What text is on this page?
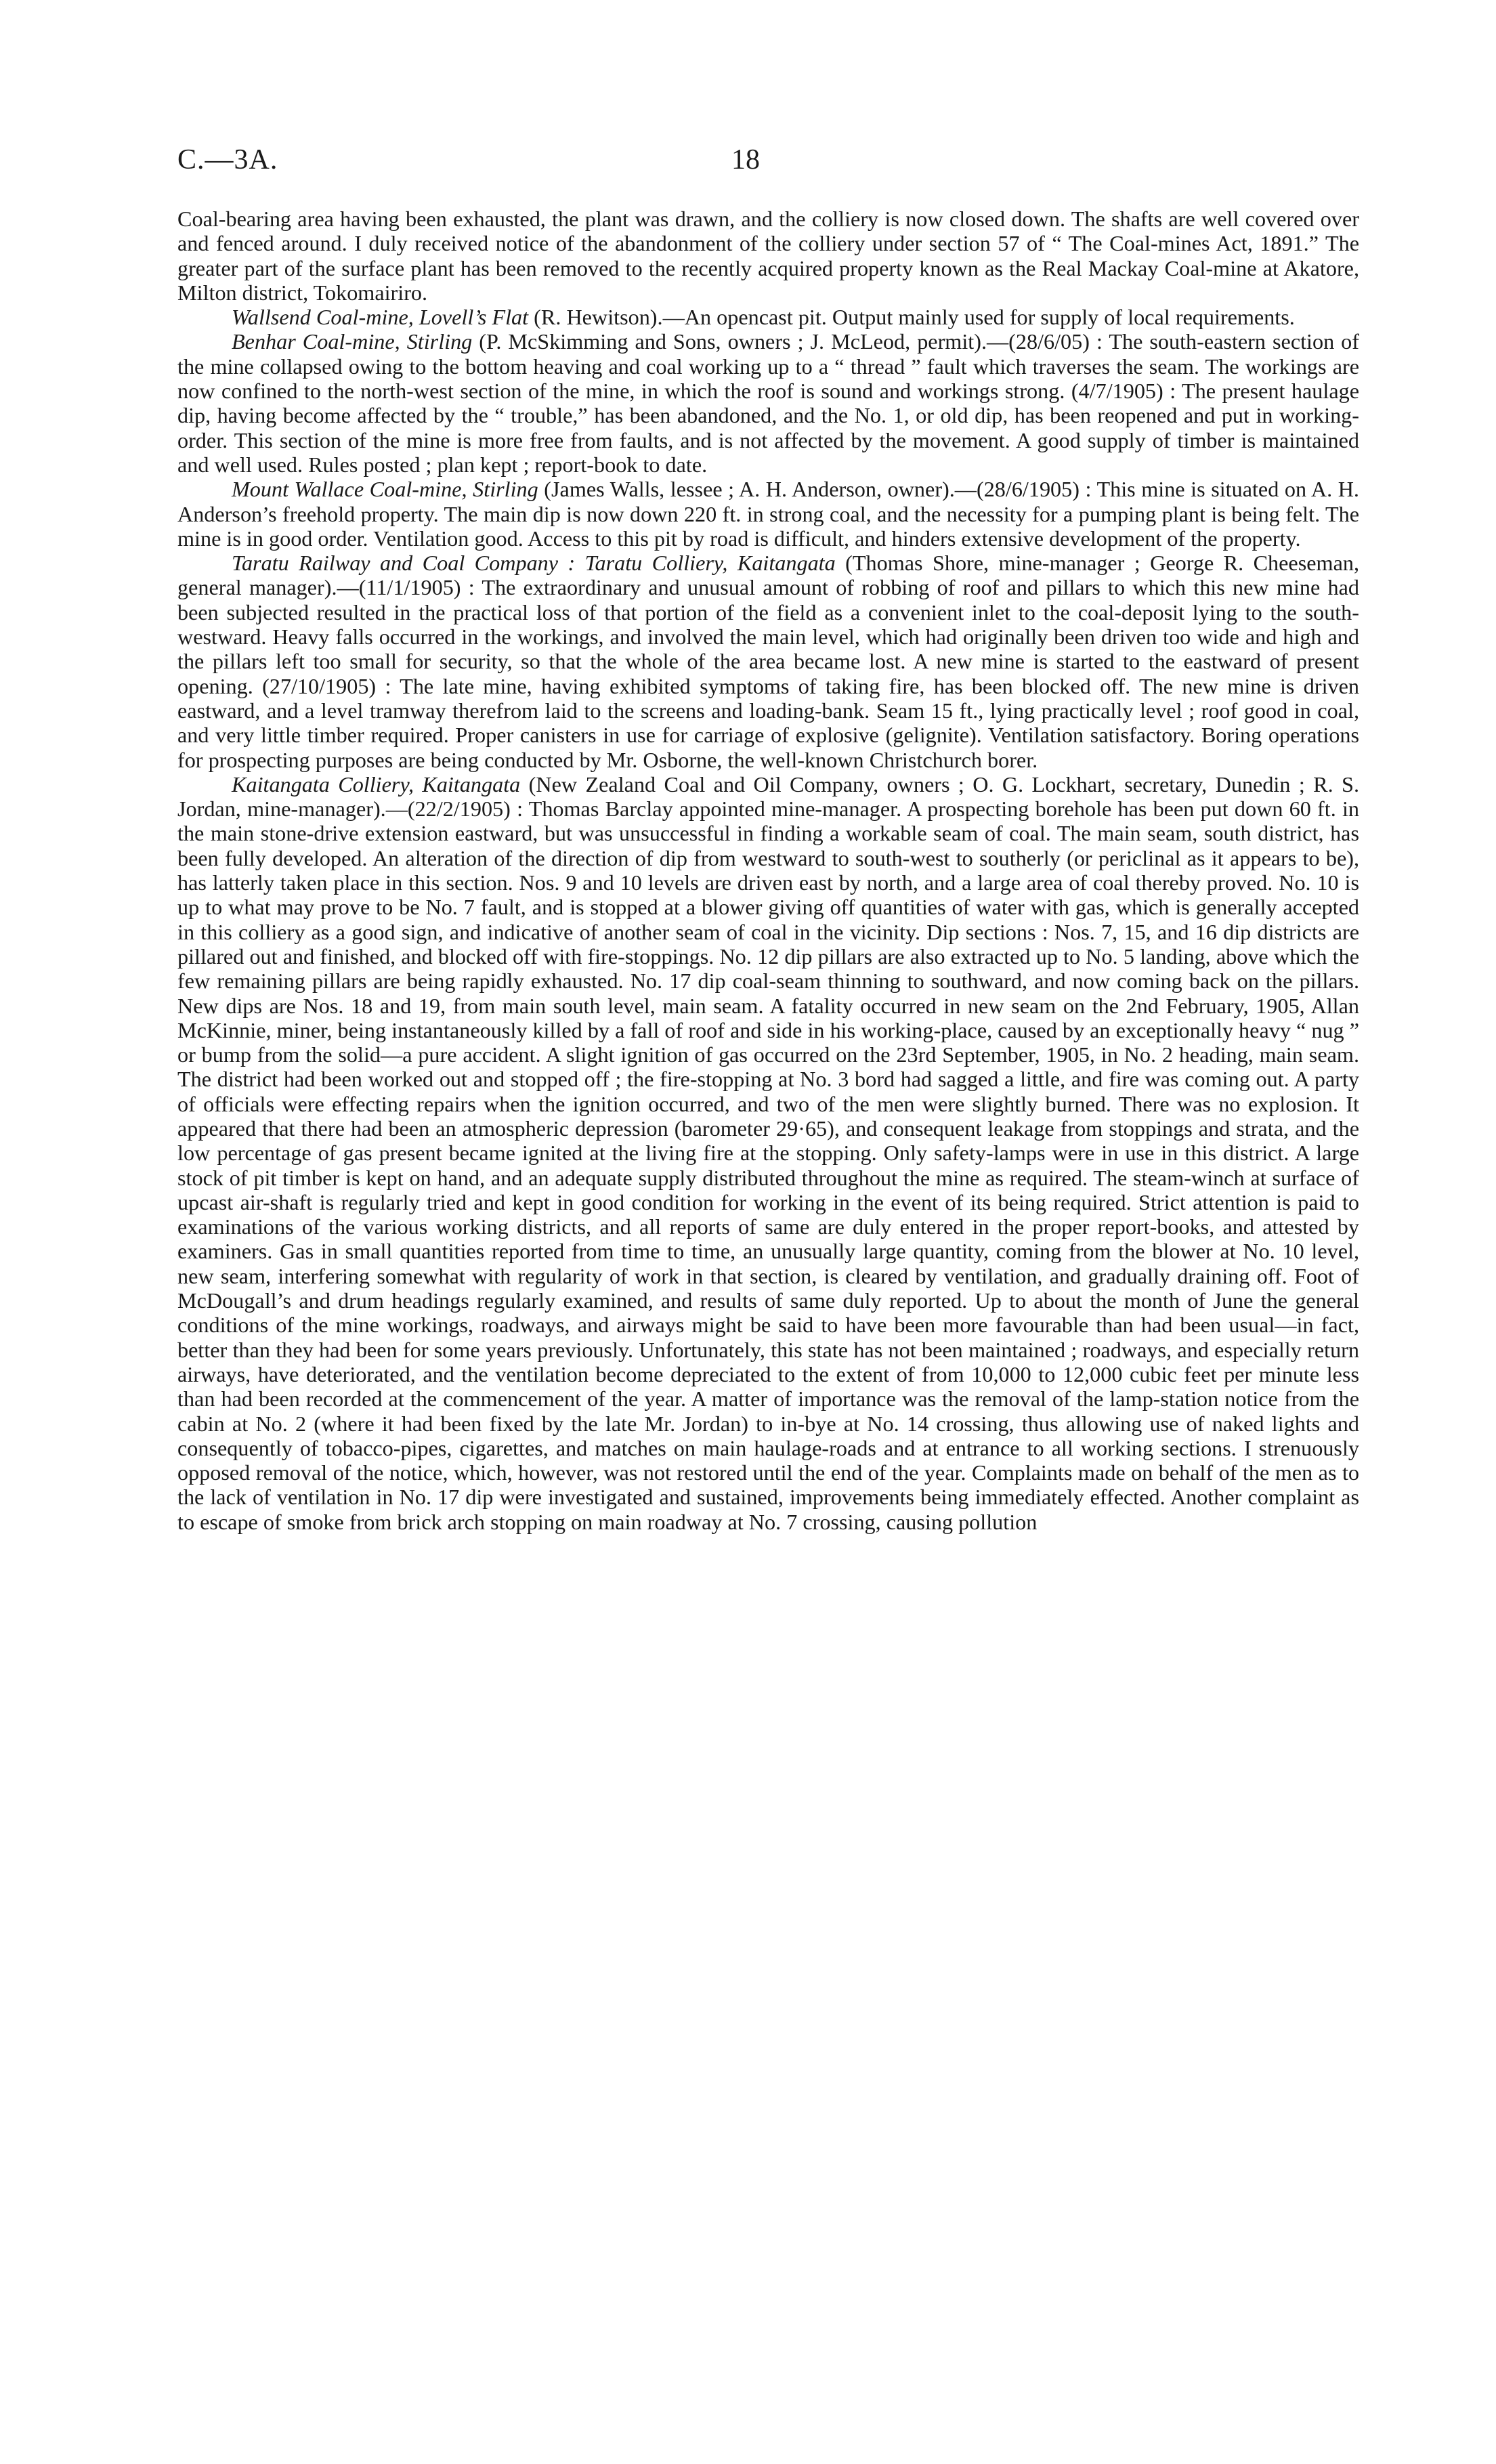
C.—3A.	18

Coal-bearing area having been exhausted, the plant was drawn, and the colliery is now closed down. The shafts are well covered over and fenced around. I duly received notice of the abandonment of the colliery under section 57 of “ The Coal-mines Act, 1891.” The greater part of the surface plant has been removed to the recently acquired property known as the Real Mackay Coal-mine at Akatore, Milton district, Tokomairiro.

Wallsend Coal-mine, Lovell’s Flat (R. Hewitson).—An opencast pit. Output mainly used for supply of local requirements.

Benhar Coal-mine, Stirling (P. McSkimming and Sons, owners ; J. McLeod, permit).—(28/6/05) : The south-eastern section of the mine collapsed owing to the bottom heaving and coal working up to a “ thread ” fault which traverses the seam. The workings are now confined to the north-west section of the mine, in which the roof is sound and workings strong. (4/7/1905) : The present haulage dip, having become affected by the “ trouble,” has been abandoned, and the No. 1, or old dip, has been reopened and put in working-order. This section of the mine is more free from faults, and is not affected by the movement. A good supply of timber is maintained and well used. Rules posted ; plan kept ; report-book to date.

Mount Wallace Coal-mine, Stirling (James Walls, lessee ; A. H. Anderson, owner).—(28/6/1905) : This mine is situated on A. H. Anderson’s freehold property. The main dip is now down 220 ft. in strong coal, and the necessity for a pumping plant is being felt. The mine is in good order. Ventilation good. Access to this pit by road is difficult, and hinders extensive development of the property.

Taratu Railway and Coal Company : Taratu Colliery, Kaitangata (Thomas Shore, mine-manager ; George R. Cheeseman, general manager).—(11/1/1905) : The extraordinary and unusual amount of robbing of roof and pillars to which this new mine had been subjected resulted in the practical loss of that portion of the field as a convenient inlet to the coal-deposit lying to the south-westward. Heavy falls occurred in the workings, and involved the main level, which had originally been driven too wide and high and the pillars left too small for security, so that the whole of the area became lost. A new mine is started to the eastward of present opening. (27/10/1905) : The late mine, having exhibited symptoms of taking fire, has been blocked off. The new mine is driven eastward, and a level tramway therefrom laid to the screens and loading-bank. Seam 15 ft., lying practically level ; roof good in coal, and very little timber required. Proper canisters in use for carriage of explosive (gelignite). Ventilation satisfactory. Boring operations for prospecting purposes are being conducted by Mr. Osborne, the well-known Christchurch borer.

Kaitangata Colliery, Kaitangata (New Zealand Coal and Oil Company, owners ; O. G. Lockhart, secretary, Dunedin ; R. S. Jordan, mine-manager).—(22/2/1905) : Thomas Barclay appointed mine-manager. A prospecting borehole has been put down 60 ft. in the main stone-drive extension eastward, but was unsuccessful in finding a workable seam of coal. The main seam, south district, has been fully developed. An alteration of the direction of dip from westward to south-west to southerly (or periclinal as it appears to be), has latterly taken place in this section. Nos. 9 and 10 levels are driven east by north, and a large area of coal thereby proved. No. 10 is up to what may prove to be No. 7 fault, and is stopped at a blower giving off quantities of water with gas, which is generally accepted in this colliery as a good sign, and indicative of another seam of coal in the vicinity. Dip sections : Nos. 7, 15, and 16 dip districts are pillared out and finished, and blocked off with fire-stoppings. No. 12 dip pillars are also extracted up to No. 5 landing, above which the few remaining pillars are being rapidly exhausted. No. 17 dip coal-seam thinning to southward, and now coming back on the pillars. New dips are Nos. 18 and 19, from main south level, main seam. A fatality occurred in new seam on the 2nd February, 1905, Allan McKinnie, miner, being instantaneously killed by a fall of roof and side in his working-place, caused by an exceptionally heavy “ nug ” or bump from the solid—a pure accident. A slight ignition of gas occurred on the 23rd September, 1905, in No. 2 heading, main seam. The district had been worked out and stopped off ; the fire-stopping at No. 3 bord had sagged a little, and fire was coming out. A party of officials were effecting repairs when the ignition occurred, and two of the men were slightly burned. There was no explosion. It appeared that there had been an atmospheric depression (barometer 29·65), and consequent leakage from stoppings and strata, and the low percentage of gas present became ignited at the living fire at the stopping. Only safety-lamps were in use in this district. A large stock of pit timber is kept on hand, and an adequate supply distributed throughout the mine as required. The steam-winch at surface of upcast air-shaft is regularly tried and kept in good condition for working in the event of its being required. Strict attention is paid to examinations of the various working districts, and all reports of same are duly entered in the proper report-books, and attested by examiners. Gas in small quantities reported from time to time, an unusually large quantity, coming from the blower at No. 10 level, new seam, interfering somewhat with regularity of work in that section, is cleared by ventilation, and gradually draining off. Foot of McDougall’s and drum headings regularly examined, and results of same duly reported. Up to about the month of June the general conditions of the mine workings, roadways, and airways might be said to have been more favourable than had been usual—in fact, better than they had been for some years previously. Unfortunately, this state has not been maintained ; roadways, and especially return airways, have deteriorated, and the ventilation become depreciated to the extent of from 10,000 to 12,000 cubic feet per minute less than had been recorded at the commencement of the year. A matter of importance was the removal of the lamp-station notice from the cabin at No. 2 (where it had been fixed by the late Mr. Jordan) to in-bye at No. 14 crossing, thus allowing use of naked lights and consequently of tobacco-pipes, cigarettes, and matches on main haulage-roads and at entrance to all working sections. I strenuously opposed removal of the notice, which, however, was not restored until the end of the year. Complaints made on behalf of the men as to the lack of ventilation in No. 17 dip were investigated and sustained, improvements being immediately effected. Another complaint as to escape of smoke from brick arch stopping on main roadway at No. 7 crossing, causing pollution
